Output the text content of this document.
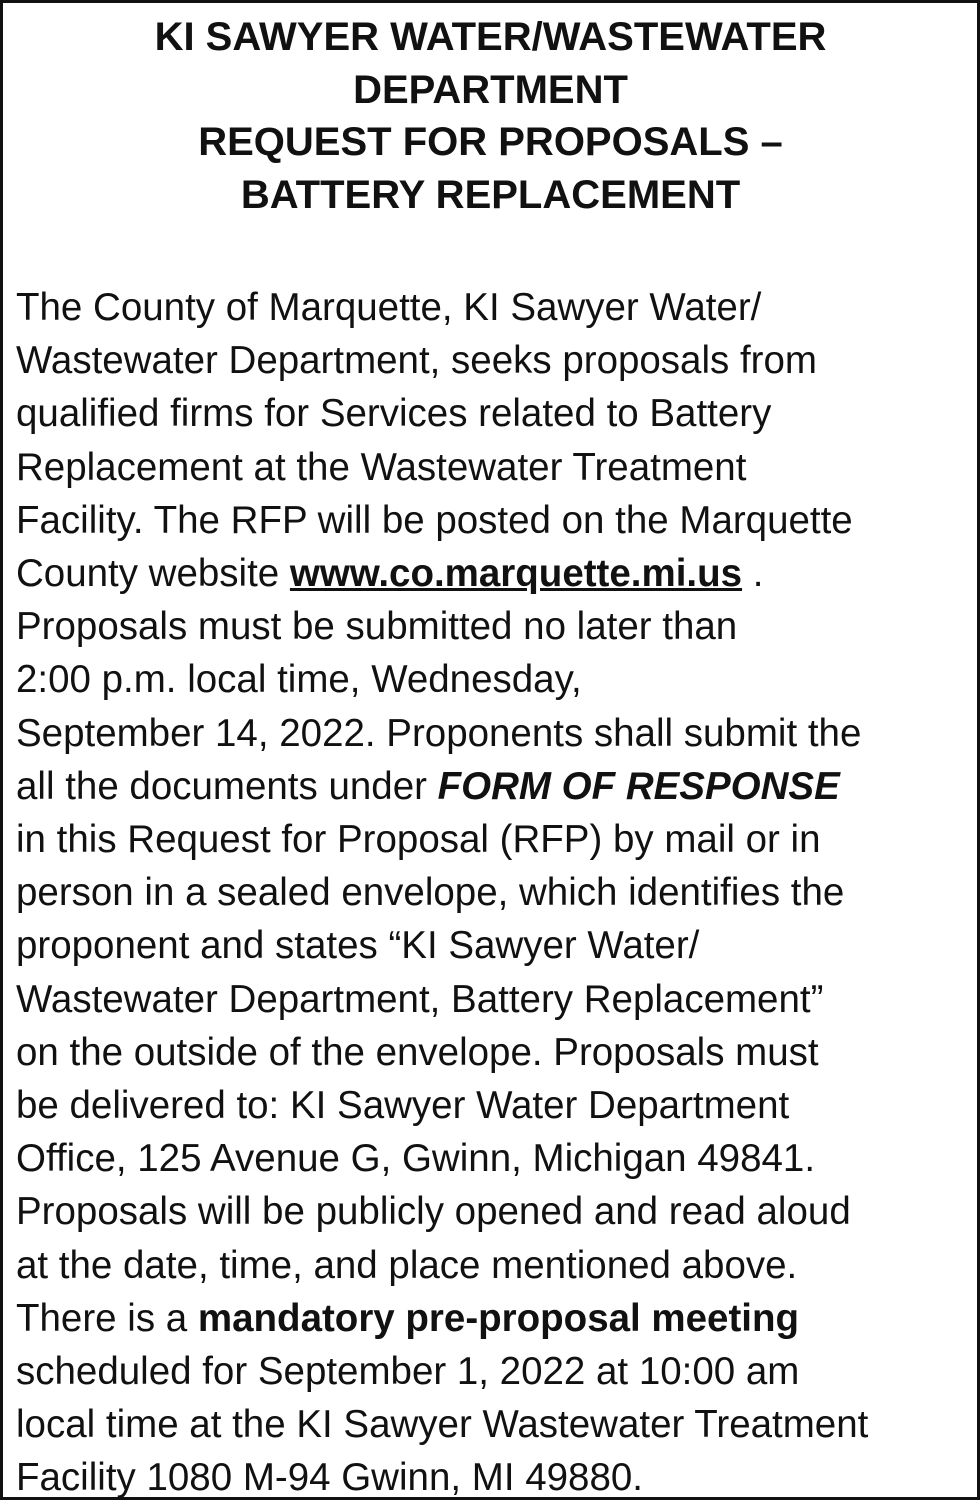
KI SAWYER WATER/WASTEWATER
DEPARTMENT
REQUEST FOR PROPOSALS –
BATTERY REPLACEMENT
The County of Marquette, KI Sawyer Water/
Wastewater Department, seeks proposals from
qualified firms for Services related to Battery
Replacement at the Wastewater Treatment
Facility. The RFP will be posted on the Marquette
County website www.co.marquette.mi.us .
Proposals must be submitted no later than
2:00 p.m. local time, Wednesday,
September 14, 2022. Proponents shall submit the
all the documents under FORM OF RESPONSE
in this Request for Proposal (RFP) by mail or in
person in a sealed envelope, which identifies the
proponent and states “KI Sawyer Water/
Wastewater Department, Battery Replacement”
on the outside of the envelope. Proposals must
be delivered to: KI Sawyer Water Department
Office, 125 Avenue G, Gwinn, Michigan 49841.
Proposals will be publicly opened and read aloud
at the date, time, and place mentioned above.
There is a mandatory pre-proposal meeting
scheduled for September 1, 2022 at 10:00 am
local time at the KI Sawyer Wastewater Treatment
Facility 1080 M-94 Gwinn, MI 49880.
